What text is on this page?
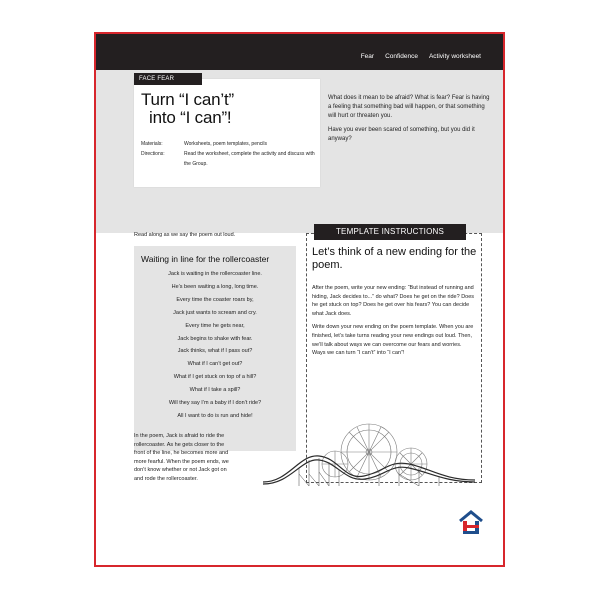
Fear Confidence Activity worksheet
FACE FEAR
Turn “I can’t”
into “I can”!
Materials:	Worksheets, poem templates, pencils
Directions:	Read the worksheet, complete the activity and discuss with the Group.

What does it mean to be afraid? What is fear? Fear is having a feeling that something bad will happen, or that something will hurt or threaten you.

Have you ever been scared of something, but you did it anyway?

Read along as we say the poem out loud.
Waiting in line for the rollercoaster
Jack is waiting in the rollercoaster line.
He’s been waiting a long, long time.
Every time the coaster roars by,
Jack just wants to scream and cry.
Every time he gets near,
Jack begins to shake with fear.
Jack thinks, what if I pass out?
What if I can’t get out?
What if I get stuck on top of a hill?
What if I take a spill?
Will they say I’m a baby if I don’t ride?
All I want to do is run and hide!
In the poem, Jack is afraid to ride the rollercoaster. As he gets closer to the front of the line, he becomes more and more fearful. When the poem ends, we don’t know whether or not Jack got on and rode the rollercoaster.
TEMPLATE INSTRUCTIONS
Let’s think of a new ending for the poem.

After the poem, write your new ending: “But instead of running and hiding, Jack decides to...” do what? Does he get on the ride? Does he get stuck on top? Does he get over his fears? You can decide what Jack does.

Write down your new ending on the poem template. When you are finished, let’s take turns reading your new endings out loud. Then, we’ll talk about ways we can overcome our fears and worries. Ways we can turn “I can’t” into “I can”!
